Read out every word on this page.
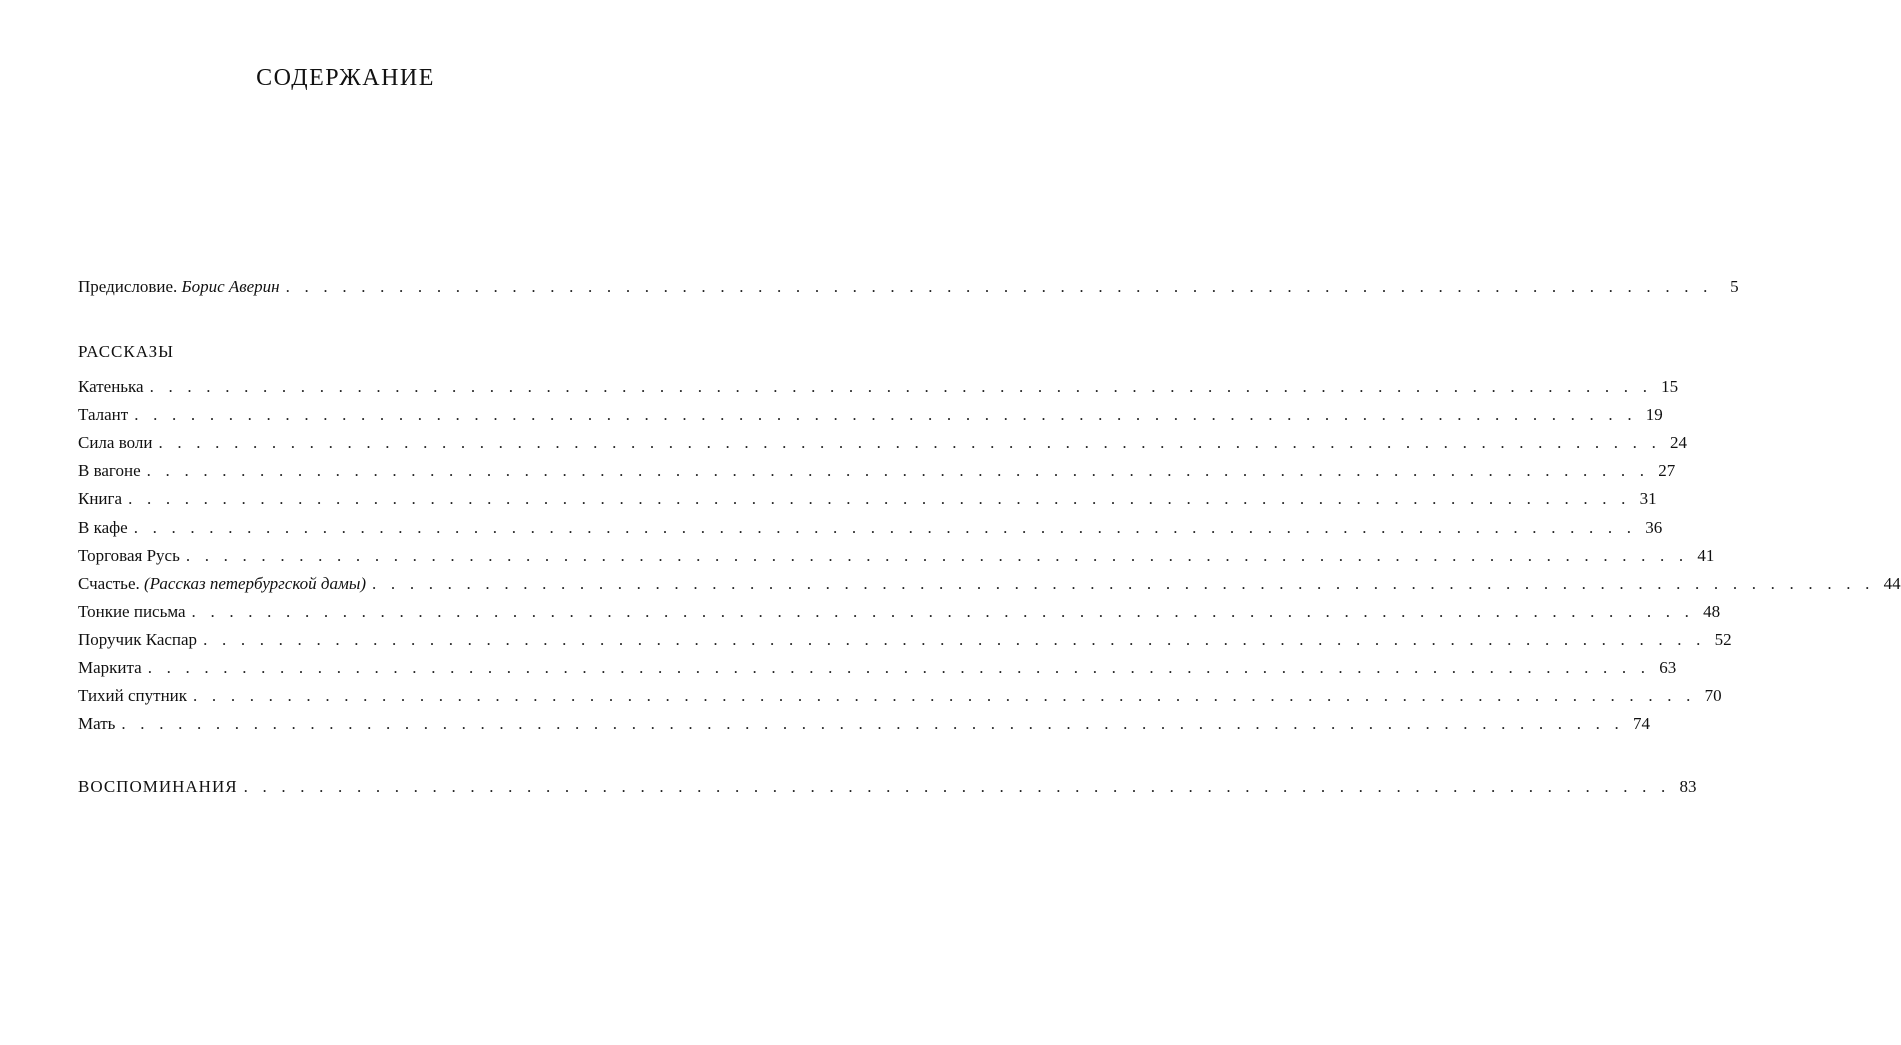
СОДЕРЖАНИЕ
Предисловие. Борис Аверин . . . . . . . . . . . . . . . . . . . . . . . . . . . . . . . . . . . . . . . . . . . . . . . . . . . . . . . . . . . . . . . . . . . . . . . . . . . .	5
РАССКАЗЫ
Катенька . . . . . . . . . . . . . . . . . . . . . . . . . . . . . . . . . . . . . . . . . . . . . . . . . . . . . . . . . . . . . . . . . . . . . . . . . . . . . . . . 15
Талант . . . . . . . . . . . . . . . . . . . . . . . . . . . . . . . . . . . . . . . . . . . . . . . . . . . . . . . . . . . . . . . . . . . . . . . . . . . . . . . . 19
Сила воли . . . . . . . . . . . . . . . . . . . . . . . . . . . . . . . . . . . . . . . . . . . . . . . . . . . . . . . . . . . . . . . . . . . . . . . . . . . . . . . . 24
В вагоне . . . . . . . . . . . . . . . . . . . . . . . . . . . . . . . . . . . . . . . . . . . . . . . . . . . . . . . . . . . . . . . . . . . . . . . . . . . . . . . . 27
Книга . . . . . . . . . . . . . . . . . . . . . . . . . . . . . . . . . . . . . . . . . . . . . . . . . . . . . . . . . . . . . . . . . . . . . . . . . . . . . . . . 31
В кафе . . . . . . . . . . . . . . . . . . . . . . . . . . . . . . . . . . . . . . . . . . . . . . . . . . . . . . . . . . . . . . . . . . . . . . . . . . . . . . . . 36
Торговая Русь . . . . . . . . . . . . . . . . . . . . . . . . . . . . . . . . . . . . . . . . . . . . . . . . . . . . . . . . . . . . . . . . . . . . . . . . . . . . . . . . 41
Счастье. (Рассказ петербургской дамы) . . . . . . . . . . . . . . . . . . . . . . . . . . . . . . . . . . . . . . . . . . . . . . . . . . . . . . . . . . . . . . . . . . . . . . . . . . . . . . . . 44
Тонкие письма . . . . . . . . . . . . . . . . . . . . . . . . . . . . . . . . . . . . . . . . . . . . . . . . . . . . . . . . . . . . . . . . . . . . . . . . . . . . . . . . 48
Поручик Каспар . . . . . . . . . . . . . . . . . . . . . . . . . . . . . . . . . . . . . . . . . . . . . . . . . . . . . . . . . . . . . . . . . . . . . . . . . . . . . . . . 52
Маркита . . . . . . . . . . . . . . . . . . . . . . . . . . . . . . . . . . . . . . . . . . . . . . . . . . . . . . . . . . . . . . . . . . . . . . . . . . . . . . . . 63
Тихий спутник . . . . . . . . . . . . . . . . . . . . . . . . . . . . . . . . . . . . . . . . . . . . . . . . . . . . . . . . . . . . . . . . . . . . . . . . . . . . . . . . 70
Мать . . . . . . . . . . . . . . . . . . . . . . . . . . . . . . . . . . . . . . . . . . . . . . . . . . . . . . . . . . . . . . . . . . . . . . . . . . . . . . . . 74
ВОСПОМИНАНИЯ . . . . . . . . . . . . . . . . . . . . . . . . . . . . . . . . . . . . . . . . . . . . . . . . . . . . . . . . . . . . . . . . . . . . . . . . . . . . 83
